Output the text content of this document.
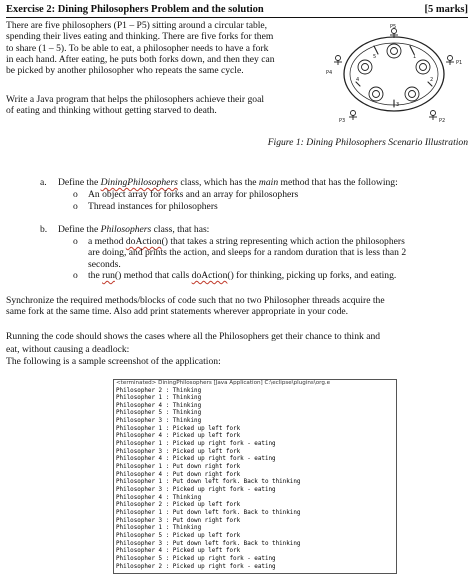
Exercise 2: Dining Philosophers Problem and the solution	[5 marks]
There are five philosophers (P1 – P5) sitting around a circular table,
spending their lives eating and thinking. There are five forks for them
to share (1 – 5). To be able to eat, a philosopher needs to have a fork
in each hand. After eating, he puts both forks down, and then they can
be picked by another philosopher who repeats the same cycle.
Write a Java program that helps the philosophers achieve their goal
of eating and thinking without getting starved to death.
1
2
3
4
5
P5
P1
P2
P3
P4
Figure 1: Dining Philosophers Scenario Illustration
a. Define the DiningPhilosophers class, which has the main method that has the following:
o An object array for forks and an array for philosophers
o Thread instances for philosophers
b. Define the Philosophers class, that has:
o a method doAction() that takes a string representing which action the philosophers
are doing, and prints the action, and sleeps for a random duration that is less than 2
seconds.
o the run() method that calls doAction() for thinking, picking up forks, and eating.
Synchronize the required methods/blocks of code such that no two Philosopher threads acquire the
same fork at the same time. Also add print statements wherever appropriate in your code.
Running the code should shows the cases where all the Philosophers get their chance to think and
eat, without causing a deadlock:
The following is a sample screenshot of the application:
<terminated> DiningPhilosophers [Java Application] C:\eclipse\plugins\org.e
Philosopher 2 : Thinking
Philosopher 1 : Thinking
Philosopher 4 : Thinking
Philosopher 5 : Thinking
Philosopher 3 : Thinking
Philosopher 1 : Picked up left fork
Philosopher 4 : Picked up left fork
Philosopher 1 : Picked up right fork - eating
Philosopher 3 : Picked up left fork
Philosopher 4 : Picked up right fork - eating
Philosopher 1 : Put down right fork
Philosopher 4 : Put down right fork
Philosopher 1 : Put down left fork. Back to thinking
Philosopher 3 : Picked up right fork - eating
Philosopher 4 : Thinking
Philosopher 2 : Picked up left fork
Philosopher 1 : Put down left fork. Back to thinking
Philosopher 3 : Put down right fork
Philosopher 1 : Thinking
Philosopher 5 : Picked up left fork
Philosopher 3 : Put down left fork. Back to thinking
Philosopher 4 : Picked up left fork
Philosopher 5 : Picked up right fork - eating
Philosopher 2 : Picked up right fork - eating
